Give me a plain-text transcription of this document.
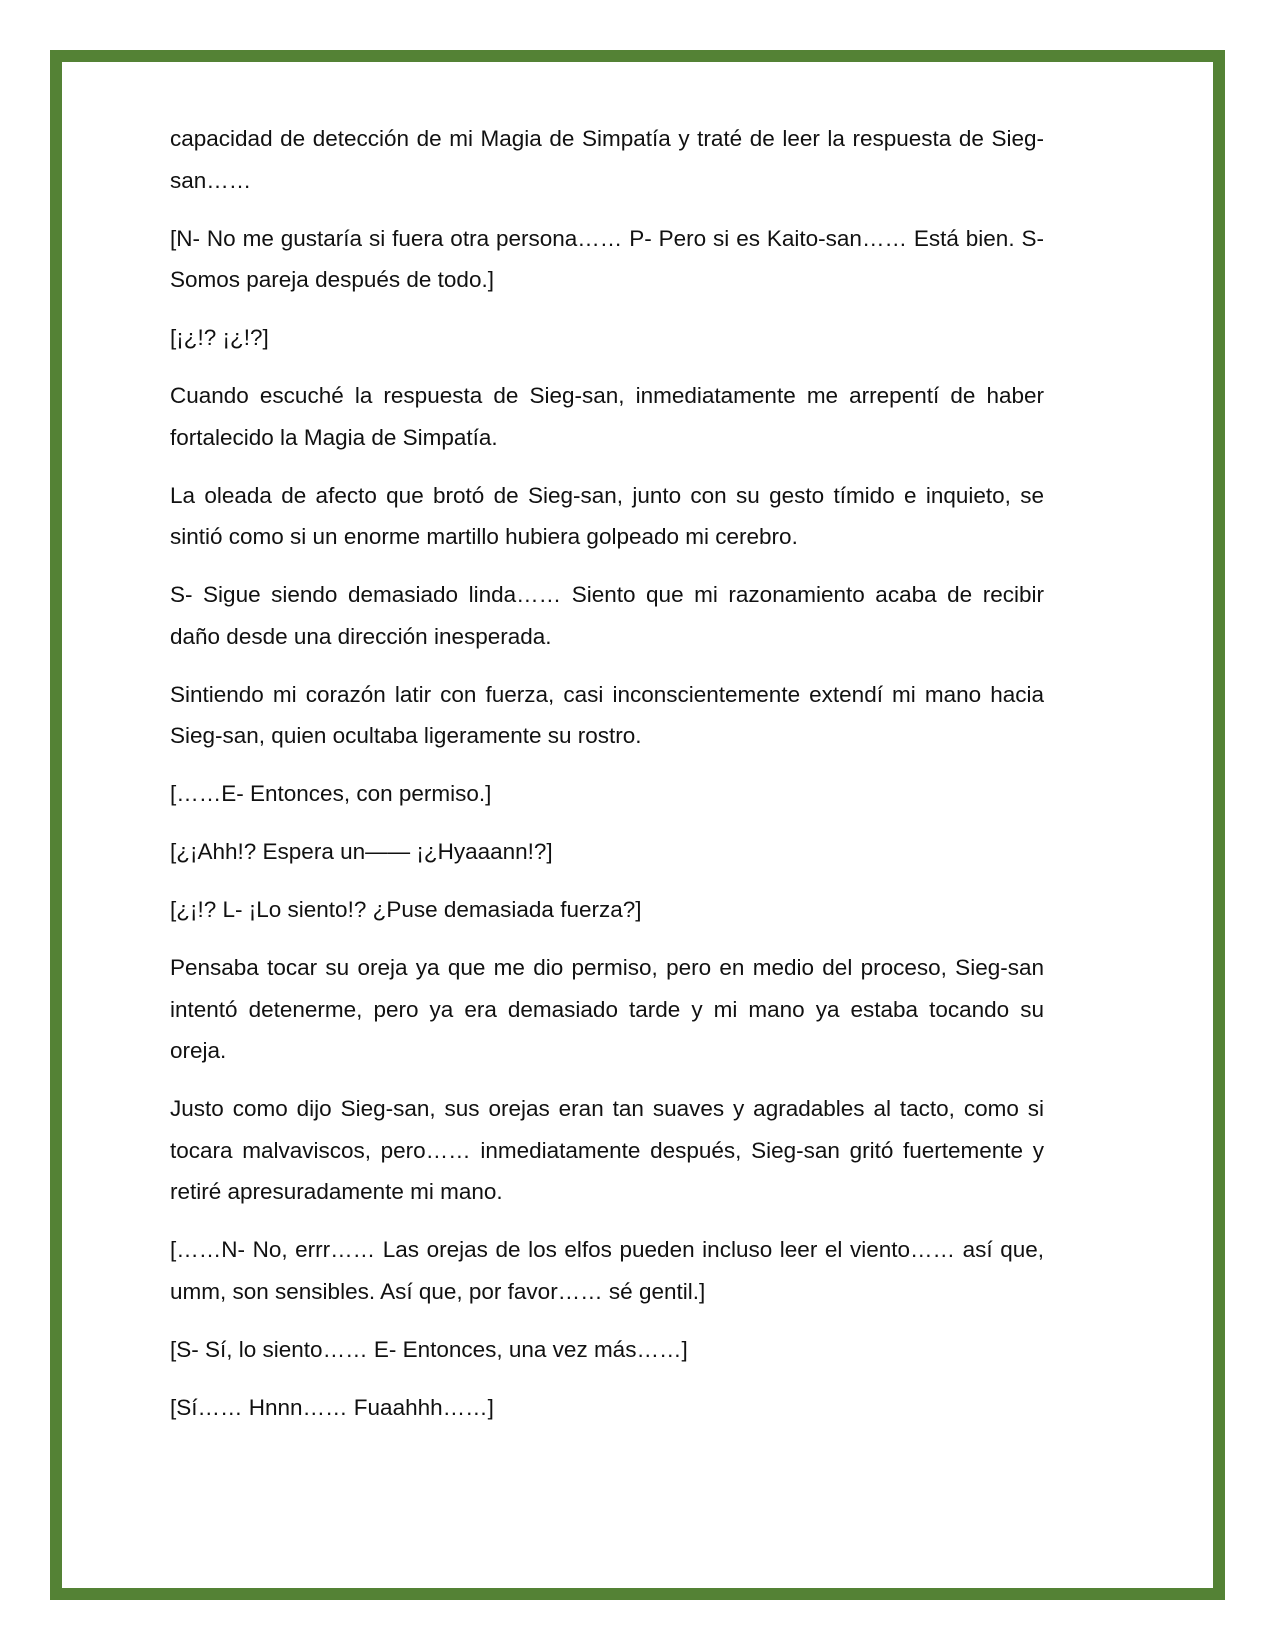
capacidad de detección de mi Magia de Simpatía y traté de leer la respuesta de Sieg-san……

[N- No me gustaría si fuera otra persona…… P- Pero si es Kaito-san…… Está bien. S- Somos pareja después de todo.]

[¡¿!? ¡¿!?]

Cuando escuché la respuesta de Sieg-san, inmediatamente me arrepentí de haber fortalecido la Magia de Simpatía.

La oleada de afecto que brotó de Sieg-san, junto con su gesto tímido e inquieto, se sintió como si un enorme martillo hubiera golpeado mi cerebro.

S- Sigue siendo demasiado linda…… Siento que mi razonamiento acaba de recibir daño desde una dirección inesperada.

Sintiendo mi corazón latir con fuerza, casi inconscientemente extendí mi mano hacia Sieg-san, quien ocultaba ligeramente su rostro.

[……E- Entonces, con permiso.]

[¿¡Ahh!? Espera un—— ¡¿Hyaaann!?]

[¿¡!? L- ¡Lo siento!? ¿Puse demasiada fuerza?]

Pensaba tocar su oreja ya que me dio permiso, pero en medio del proceso, Sieg-san intentó detenerme, pero ya era demasiado tarde y mi mano ya estaba tocando su oreja.

Justo como dijo Sieg-san, sus orejas eran tan suaves y agradables al tacto, como si tocara malvaviscos, pero…… inmediatamente después, Sieg-san gritó fuertemente y retiré apresuradamente mi mano.

[……N- No, errr…… Las orejas de los elfos pueden incluso leer el viento…… así que, umm, son sensibles. Así que, por favor…… sé gentil.]

[S- Sí, lo siento…… E- Entonces, una vez más……]

[Sí…… Hnnn…… Fuaahhh……]
